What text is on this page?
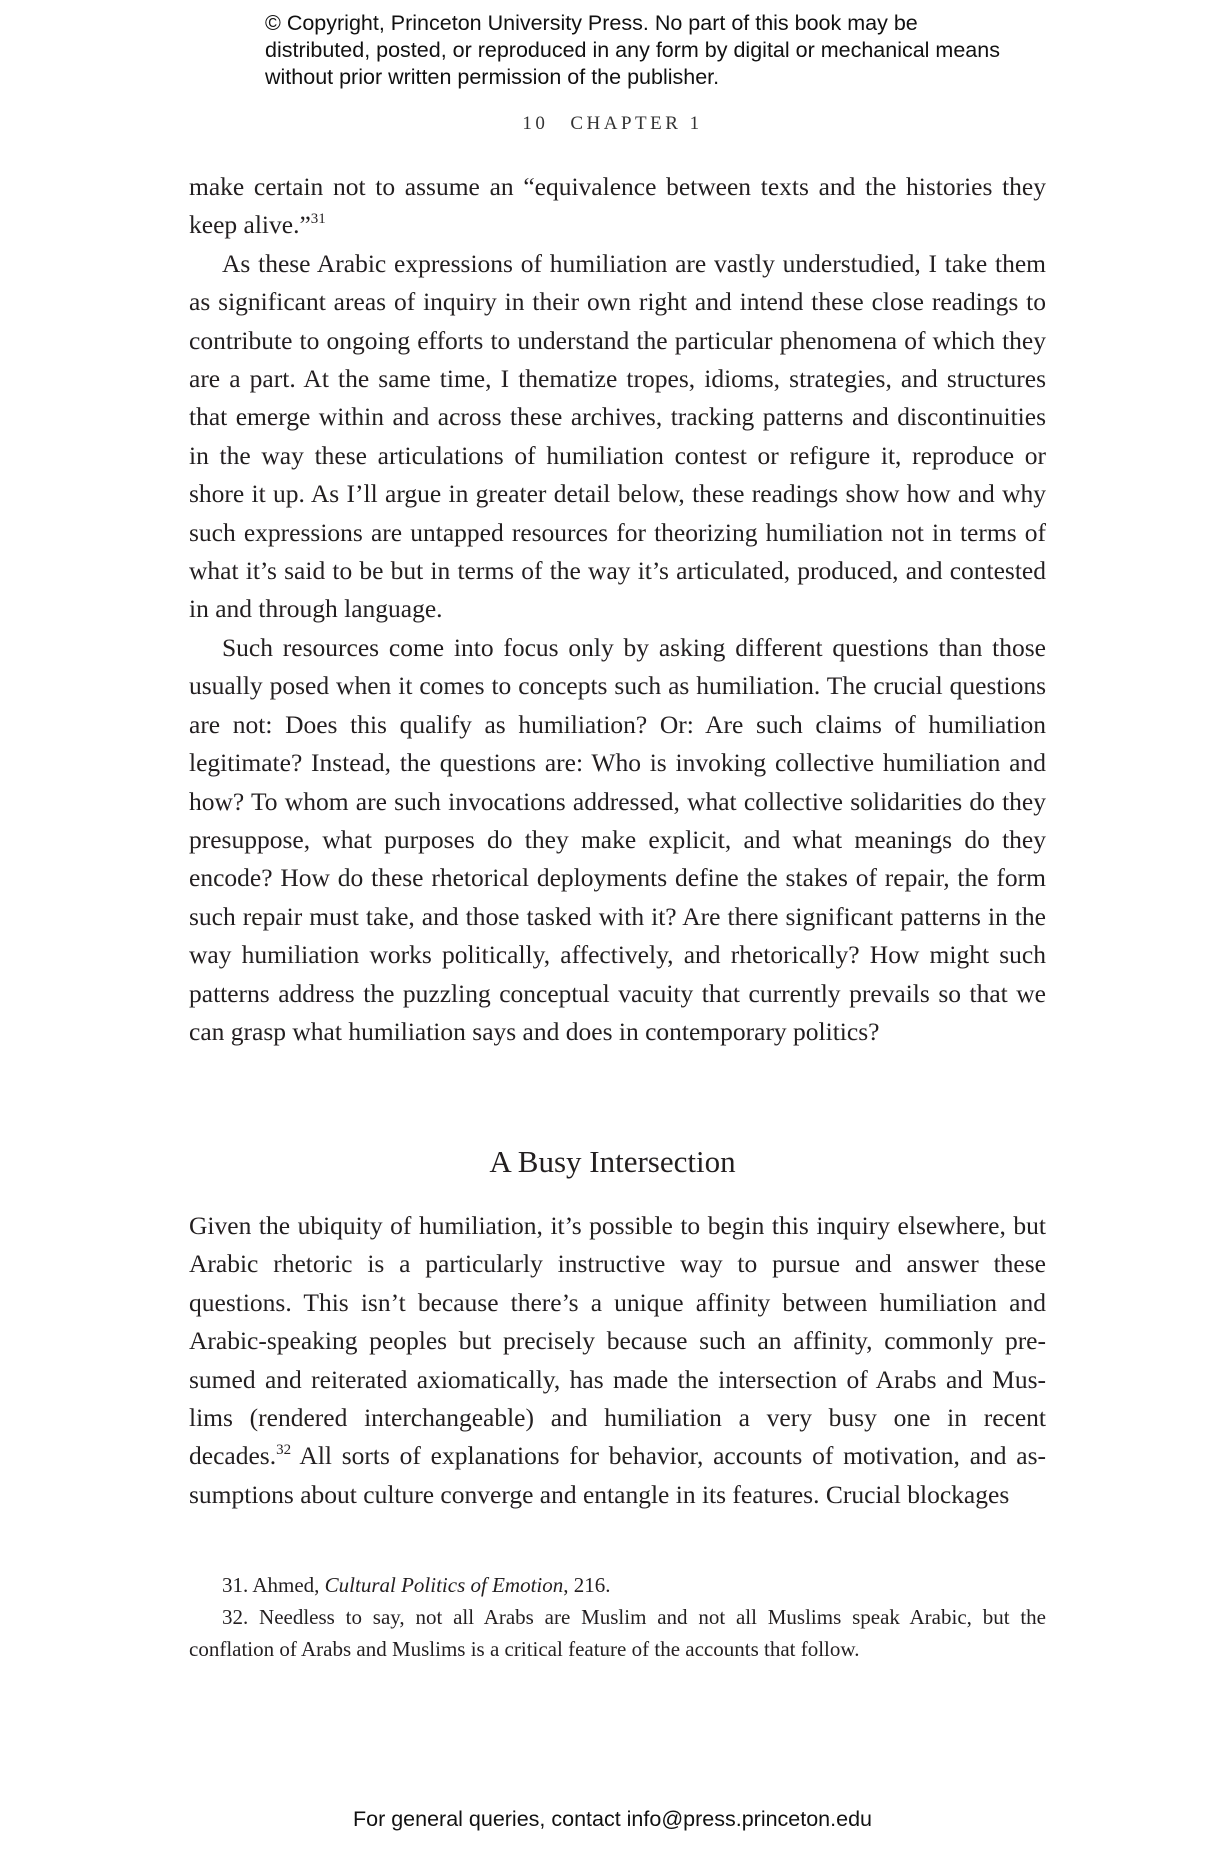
© Copyright, Princeton University Press. No part of this book may be distributed, posted, or reproduced in any form by digital or mechanical means without prior written permission of the publisher.
10 CHAPTER 1

make certain not to assume an “equivalence between texts and the histories they keep alive.”$^{31}$

As these Arabic expressions of humiliation are vastly understudied, I take them as significant areas of inquiry in their own right and intend these close readings to contribute to ongoing efforts to understand the particular phenomena of which they are a part. At the same time, I thematize tropes, idioms, strategies, and structures that emerge within and across these archives, tracking patterns and discontinuities in the way these articulations of humiliation contest or refigure it, reproduce or shore it up. As I’ll argue in greater detail below, these readings show how and why such expressions are untapped resources for theorizing humiliation not in terms of what it’s said to be but in terms of the way it’s articulated, produced, and contested in and through language.

Such resources come into focus only by asking different questions than those usually posed when it comes to concepts such as humiliation. The crucial questions are not: Does this qualify as humiliation? Or: Are such claims of humiliation legitimate? Instead, the questions are: Who is invoking collective humiliation and how? To whom are such invocations addressed, what collective solidarities do they presuppose, what purposes do they make explicit, and what meanings do they encode? How do these rhetorical deployments define the stakes of repair, the form such repair must take, and those tasked with it? Are there significant patterns in the way humiliation works politically, affectively, and rhetorically? How might such patterns address the puzzling conceptual vacuity that currently prevails so that we can grasp what humiliation says and does in contemporary politics?

A Busy Intersection

Given the ubiquity of humiliation, it’s possible to begin this inquiry elsewhere, but Arabic rhetoric is a particularly instructive way to pursue and answer these questions. This isn’t because there’s a unique affinity between humiliation and Arabic-speaking peoples but precisely because such an affinity, commonly presumed and reiterated axiomatically, has made the intersection of Arabs and Muslims (rendered interchangeable) and humiliation a very busy one in recent decades.$^{32}$ All sorts of explanations for behavior, accounts of motivation, and assumptions about culture converge and entangle in its features. Crucial blockages

31. Ahmed, Cultural Politics of Emotion, 216.

32. Needless to say, not all Arabs are Muslim and not all Muslims speak Arabic, but the conflation of Arabs and Muslims is a critical feature of the accounts that follow.

For general queries, contact info@press.princeton.edu
